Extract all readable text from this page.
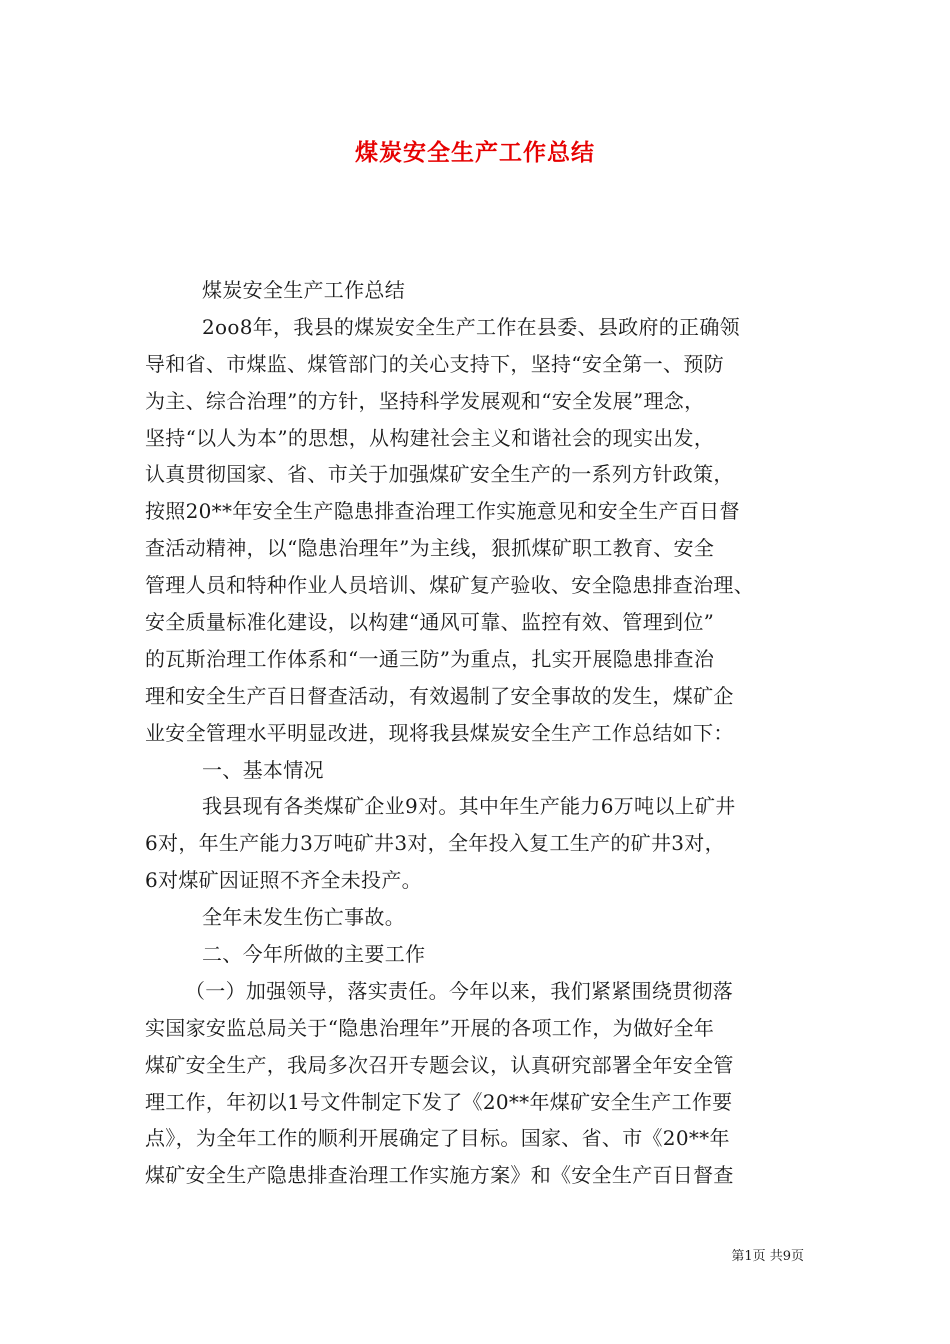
煤炭安全生产工作总结
煤炭安全生产工作总结
2oo8年，我县的煤炭安全生产工作在县委、县政府的正确领
导和省、市煤监、煤管部门的关心支持下，坚持“安全第一、预防
为主、综合治理”的方针，坚持科学发展观和“安全发展”理念，
坚持“以人为本”的思想，从构建社会主义和谐社会的现实出发，
认真贯彻国家、省、市关于加强煤矿安全生产的一系列方针政策，
按照20**年安全生产隐患排查治理工作实施意见和安全生产百日督
查活动精神，以“隐患治理年”为主线，狠抓煤矿职工教育、安全
管理人员和特种作业人员培训、煤矿复产验收、安全隐患排查治理、
安全质量标准化建设，以构建“通风可靠、监控有效、管理到位”
的瓦斯治理工作体系和“一通三防”为重点，扎实开展隐患排查治
理和安全生产百日督查活动，有效遏制了安全事故的发生，煤矿企
业安全管理水平明显改进，现将我县煤炭安全生产工作总结如下：
一、基本情况
我县现有各类煤矿企业9对。其中年生产能力6万吨以上矿井
6对，年生产能力3万吨矿井3对，全年投入复工生产的矿井3对，
6对煤矿因证照不齐全未投产。
全年未发生伤亡事故。
二、今年所做的主要工作
（一）加强领导，落实责任。今年以来，我们紧紧围绕贯彻落
实国家安监总局关于“隐患治理年”开展的各项工作，为做好全年
煤矿安全生产，我局多次召开专题会议，认真研究部署全年安全管
理工作，年初以1号文件制定下发了《20**年煤矿安全生产工作要
点》，为全年工作的顺利开展确定了目标。国家、省、市《20**年
煤矿安全生产隐患排查治理工作实施方案》和《安全生产百日督查
第1页 共9页
